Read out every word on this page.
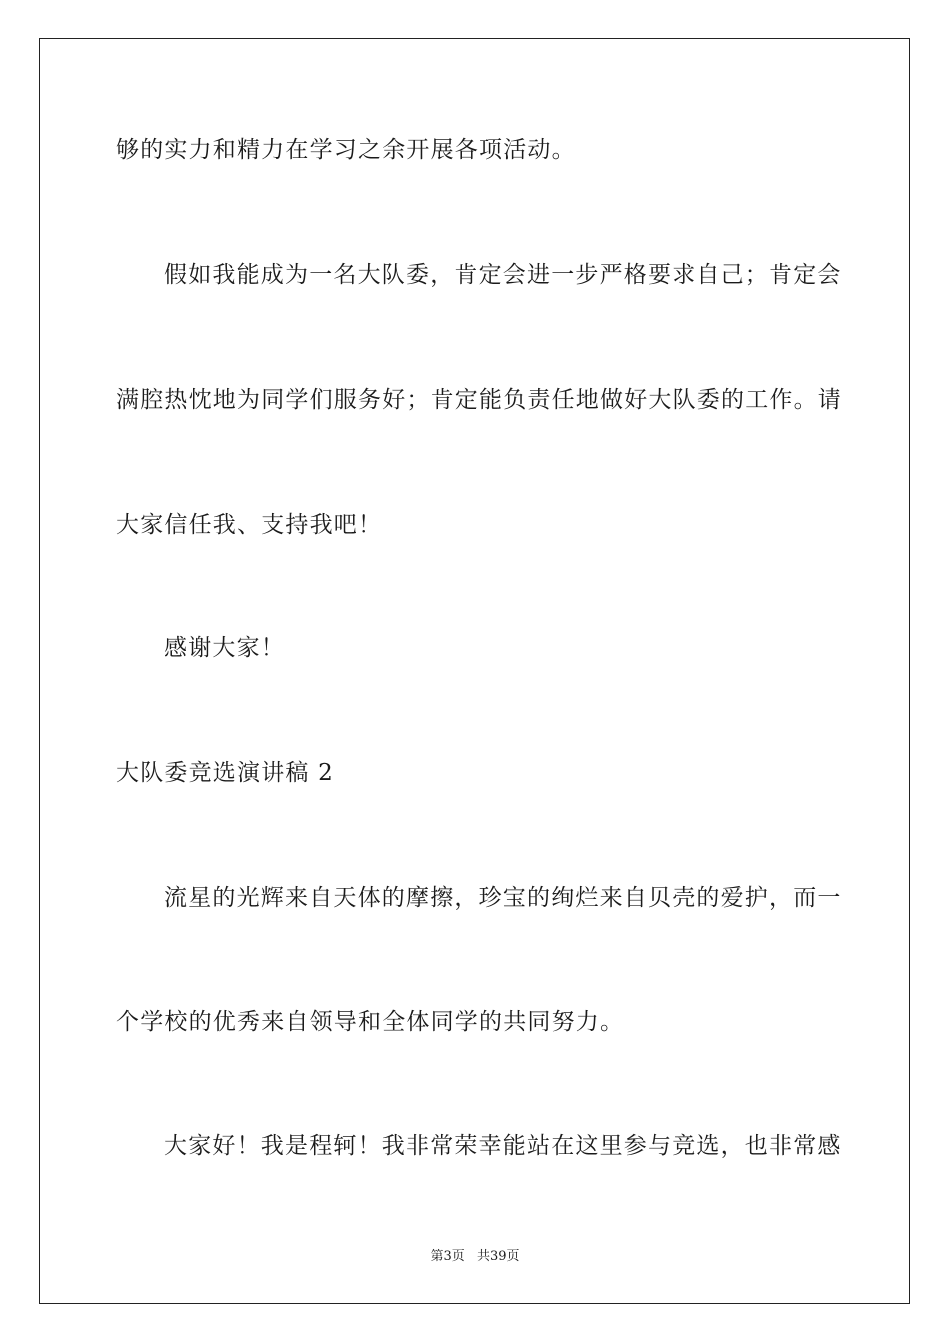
够的实力和精力在学习之余开展各项活动。
假如我能成为一名大队委，肯定会进一步严格要求自己；肯定会
满腔热忱地为同学们服务好；肯定能负责任地做好大队委的工作。请
大家信任我、支持我吧！
感谢大家！
大队委竞选演讲稿 2
流星的光辉来自天体的摩擦，珍宝的绚烂来自贝壳的爱护，而一
个学校的优秀来自领导和全体同学的共同努力。
大家好！我是程轲！我非常荣幸能站在这里参与竞选，也非常感
第3页 共39页
